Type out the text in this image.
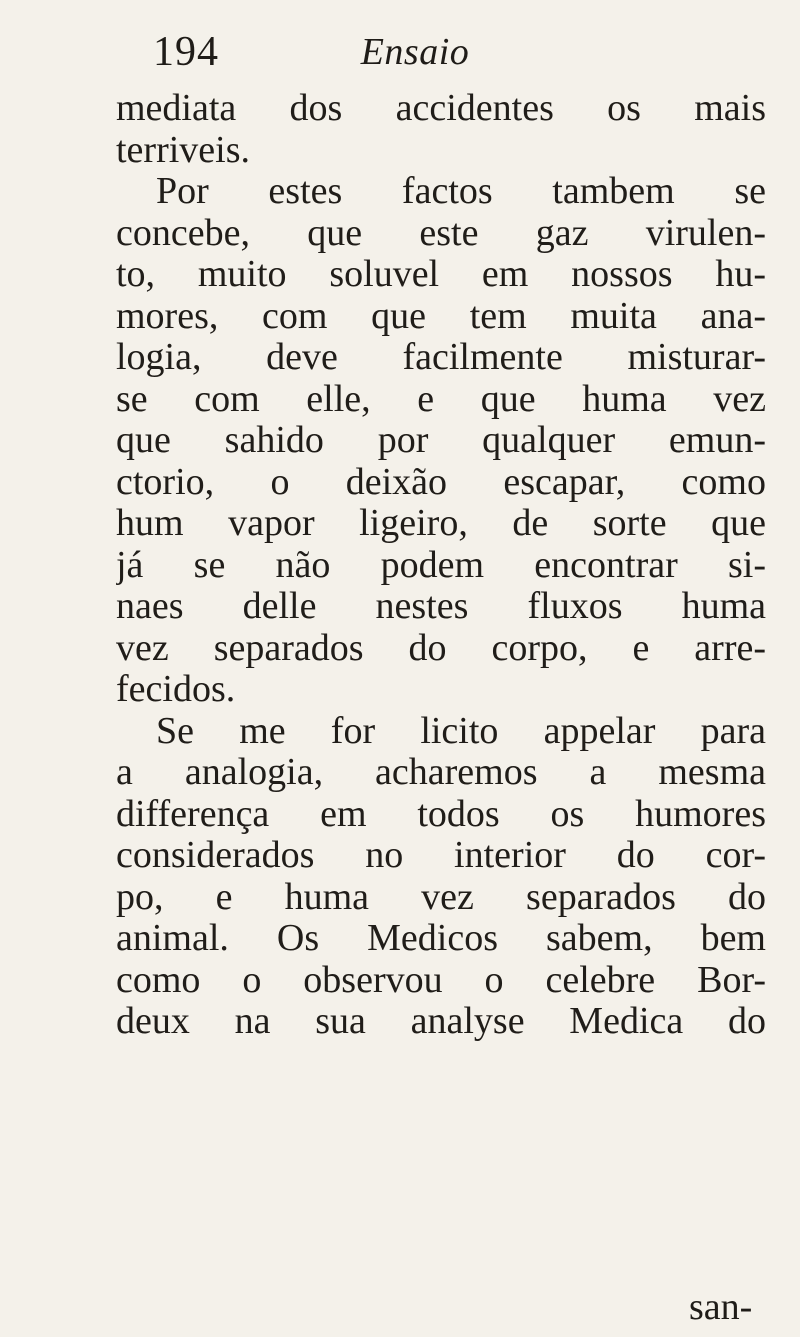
194	Ensaio
mediata dos accidentes os mais
terriveis.
Por estes factos tambem se
concebe, que este gaz virulen-
to, muito soluvel em nossos hu-
mores, com que tem muita ana-
logia, deve facilmente misturar-
se com elle, e que huma vez
que sahido por qualquer emun-
ctorio, o deixão escapar, como
hum vapor ligeiro, de sorte que
já se não podem encontrar si-
naes delle nestes fluxos huma
vez separados do corpo, e arre-
fecidos.
Se me for licito appelar para
a analogia, acharemos a mesma
differença em todos os humores
considerados no interior do cor-
po, e huma vez separados do
animal. Os Medicos sabem, bem
como o observou o celebre Bor-
deux na sua analyse Medica do
san-
